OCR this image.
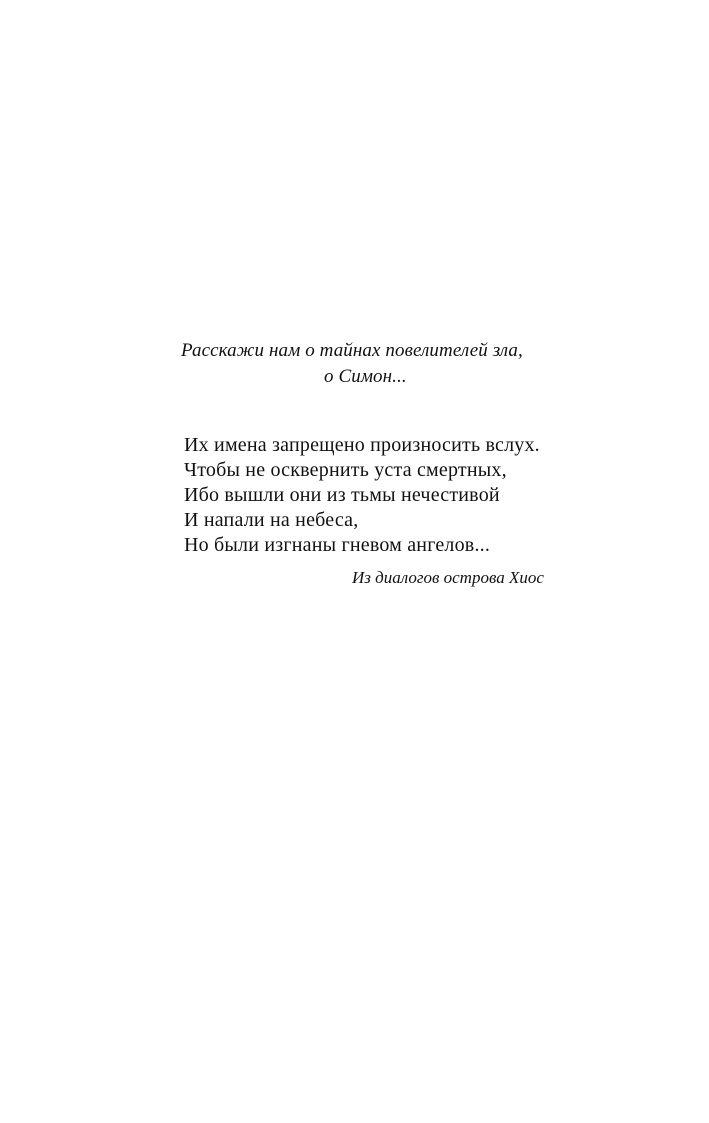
Расскажи нам о тайнах повелителей зла,

о Симон...

Их имена запрещено произносить вслух.

Чтобы не осквернить уста смертных,

Ибо вышли они из тьмы нечестивой

И напали на небеса,

Но были изгнаны гневом ангелов...

Из диалогов острова Хиос
